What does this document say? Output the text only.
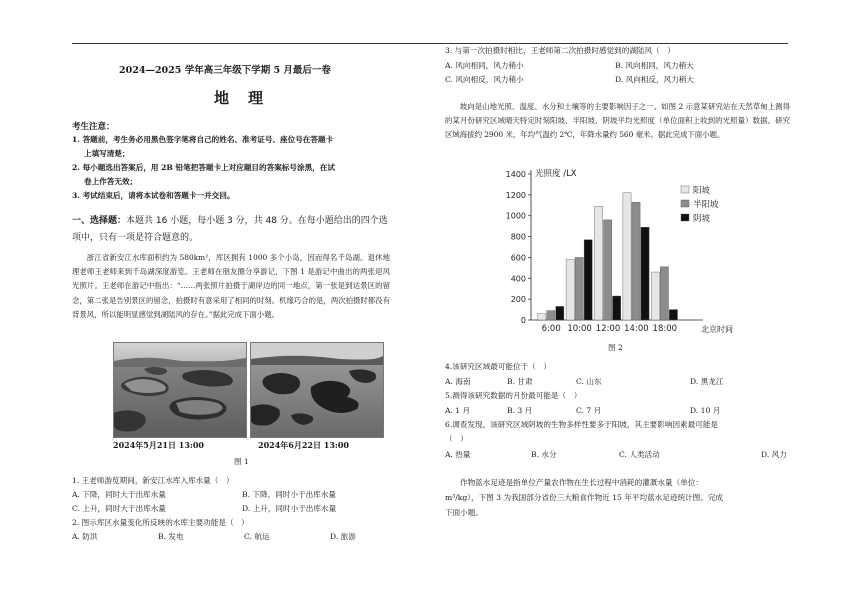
2024—2025 学年高三年级下学期 5 月最后一卷
地　理
考生注意：
1. 答题前，考生务必用黑色签字笔将自己的姓名、准考证号、座位号在答题卡
上填写清楚；
2. 每小题选出答案后，用 2B 铅笔把答题卡上对应题目的答案标号涂黑，在试
卷上作答无效；
3. 考试结束后，请将本试卷和答题卡一并交回。
一、选择题：本题共 16 小题，每小题 3 分，共 48 分。在每小题给出的四个选
项中，只有一项是符合题意的。
浙江省新安江水库面积约为 580km²，库区拥有 1000 多个小岛，因而得名千岛湖。退休地理老师王老师来到千岛湖深度游览。王老师在朋友圈分享游记，下图 1 是游记中曲出的两张迎风光照片。王老师在游记中指出：“……两张照片拍摄于湖岸边的同一地点，第一张是到达景区的留念，第二张是告别景区的留念，拍摄时有意采用了相同的时刻。机缘巧合的是，两次拍摄时都没有背景风，所以能明显感觉到湖陆风的存在。”据此完成下面小题。
2024年5月21日 13:00	2024年6月22日 13:00
图 1
1. 王老师游览期间，新安江水库入库水量（　）
A. 下降，同时大于出库水量	B. 下降，同时小于出库水量
C. 上升，同时大于出库水量	D. 上升，同时小于出库水量
2. 图示库区水量变化所反映的水库主要功能是（　）
A. 防洪	B. 发电	C. 航运	D. 旅游
3. 与第一次拍摄时相比，王老师第二次拍摄时感觉到的湖陆风（　）
A. 风向相同，风力稍小	B. 风向相同，风力稍大
C. 风向相反，风力稍小	D. 风向相反，风力稍大
坡向是山地光照、温度、水分和土壤等的主要影响因子之一。如图 2 示意某研究站在天然草甸上测得的某月份研究区域晴天特定时刻阳坡、半阳坡、阴坡平均光照度（单位面积上收到的光照量）数据。研究区域海拔约 2900 米，年均气温约 2℃，年降水量约 560 毫米。据此完成下面小题。
0
200
400
600
800
1000
1200
1400 光照度 /LX
6:00 10:00 12:00 14:00 18:00	北京时间
阳坡
半阳坡
阴坡
图 2
4.该研究区域最可能位于（　）
A. 海南	B. 甘肃	C. 山东	D. 黑龙江
5.测得该研究数据的月份最可能是（　）
A. 1 月	B. 3 月	C. 7 月	D. 10 月
6.调查发现，该研究区域阴坡的生物多样性要多于阳坡，其主要影响因素最可能是
（　）
A. 热量	B. 水分	C. 人类活动	D. 风力
作物蓝水足迹是指单位产量农作物在生长过程中消耗的灌溉水量（单位：
m³/kg），下图 3 为我国部分省份三大粮食作物近 15 年平均蓝水足迹统计图。完成
下面小题。
